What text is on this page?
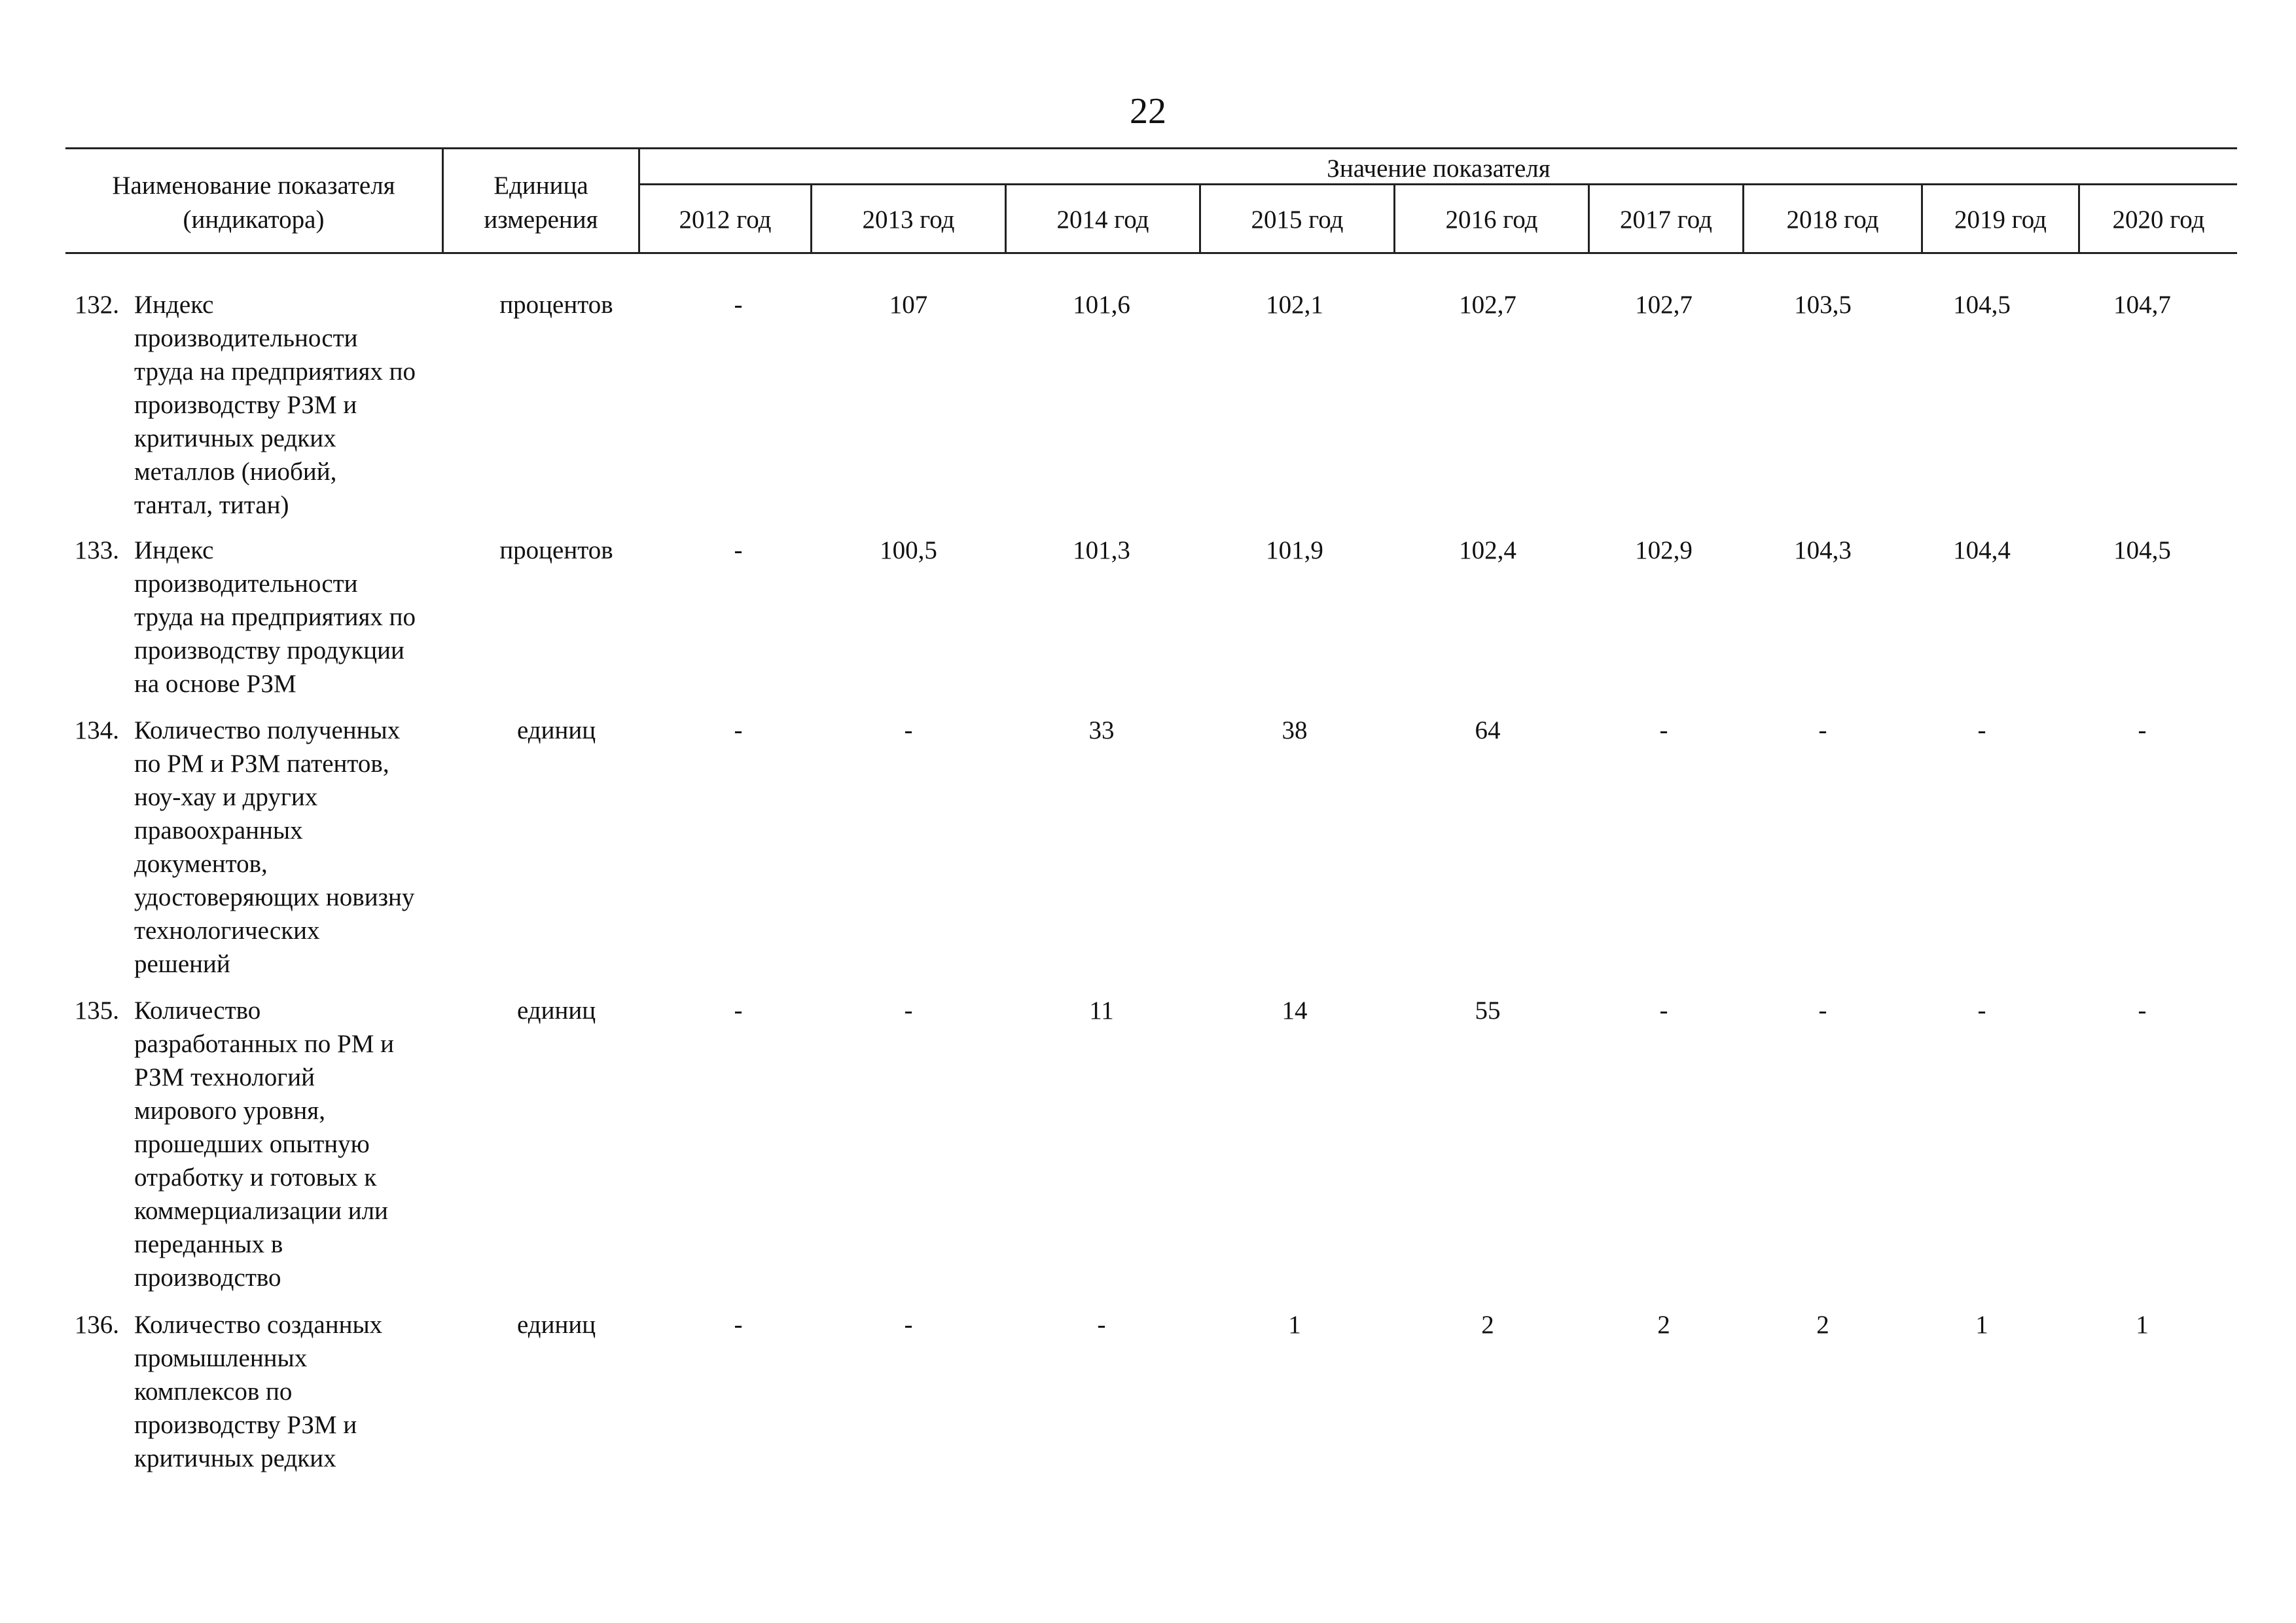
22
Наименование показателя
(индикатора)
Единица
измерения
Значение показателя
2012 год	2013 год	2014 год	2015 год	2016 год	2017 год	2018 год	2019 год	2020 год
132. Индекс
производительности
труда на предприятиях по
производству РЗМ и
критичных редких
металлов (ниобий,
тантал, титан)
процентов	-	107	101,6	102,1	102,7	102,7	103,5	104,5	104,7
133. Индекс
производительности
труда на предприятиях по
производству продукции
на основе РЗМ
процентов	-	100,5	101,3	101,9	102,4	102,9	104,3	104,4	104,5
134. Количество полученных
по РМ и РЗМ патентов,
ноу-хау и других
правоохранных
документов,
удостоверяющих новизну
технологических
решений
единиц	-	-	33	38	64	-	-	-	-
135. Количество
разработанных по РМ и
РЗМ технологий
мирового уровня,
прошедших опытную
отработку и готовых к
коммерциализации или
переданных в
производство
единиц	-	-	11	14	55	-	-	-	-
136. Количество созданных
промышленных
комплексов по
производству РЗМ и
критичных редких
единиц	-	-	-	1	2	2	2	1	1
